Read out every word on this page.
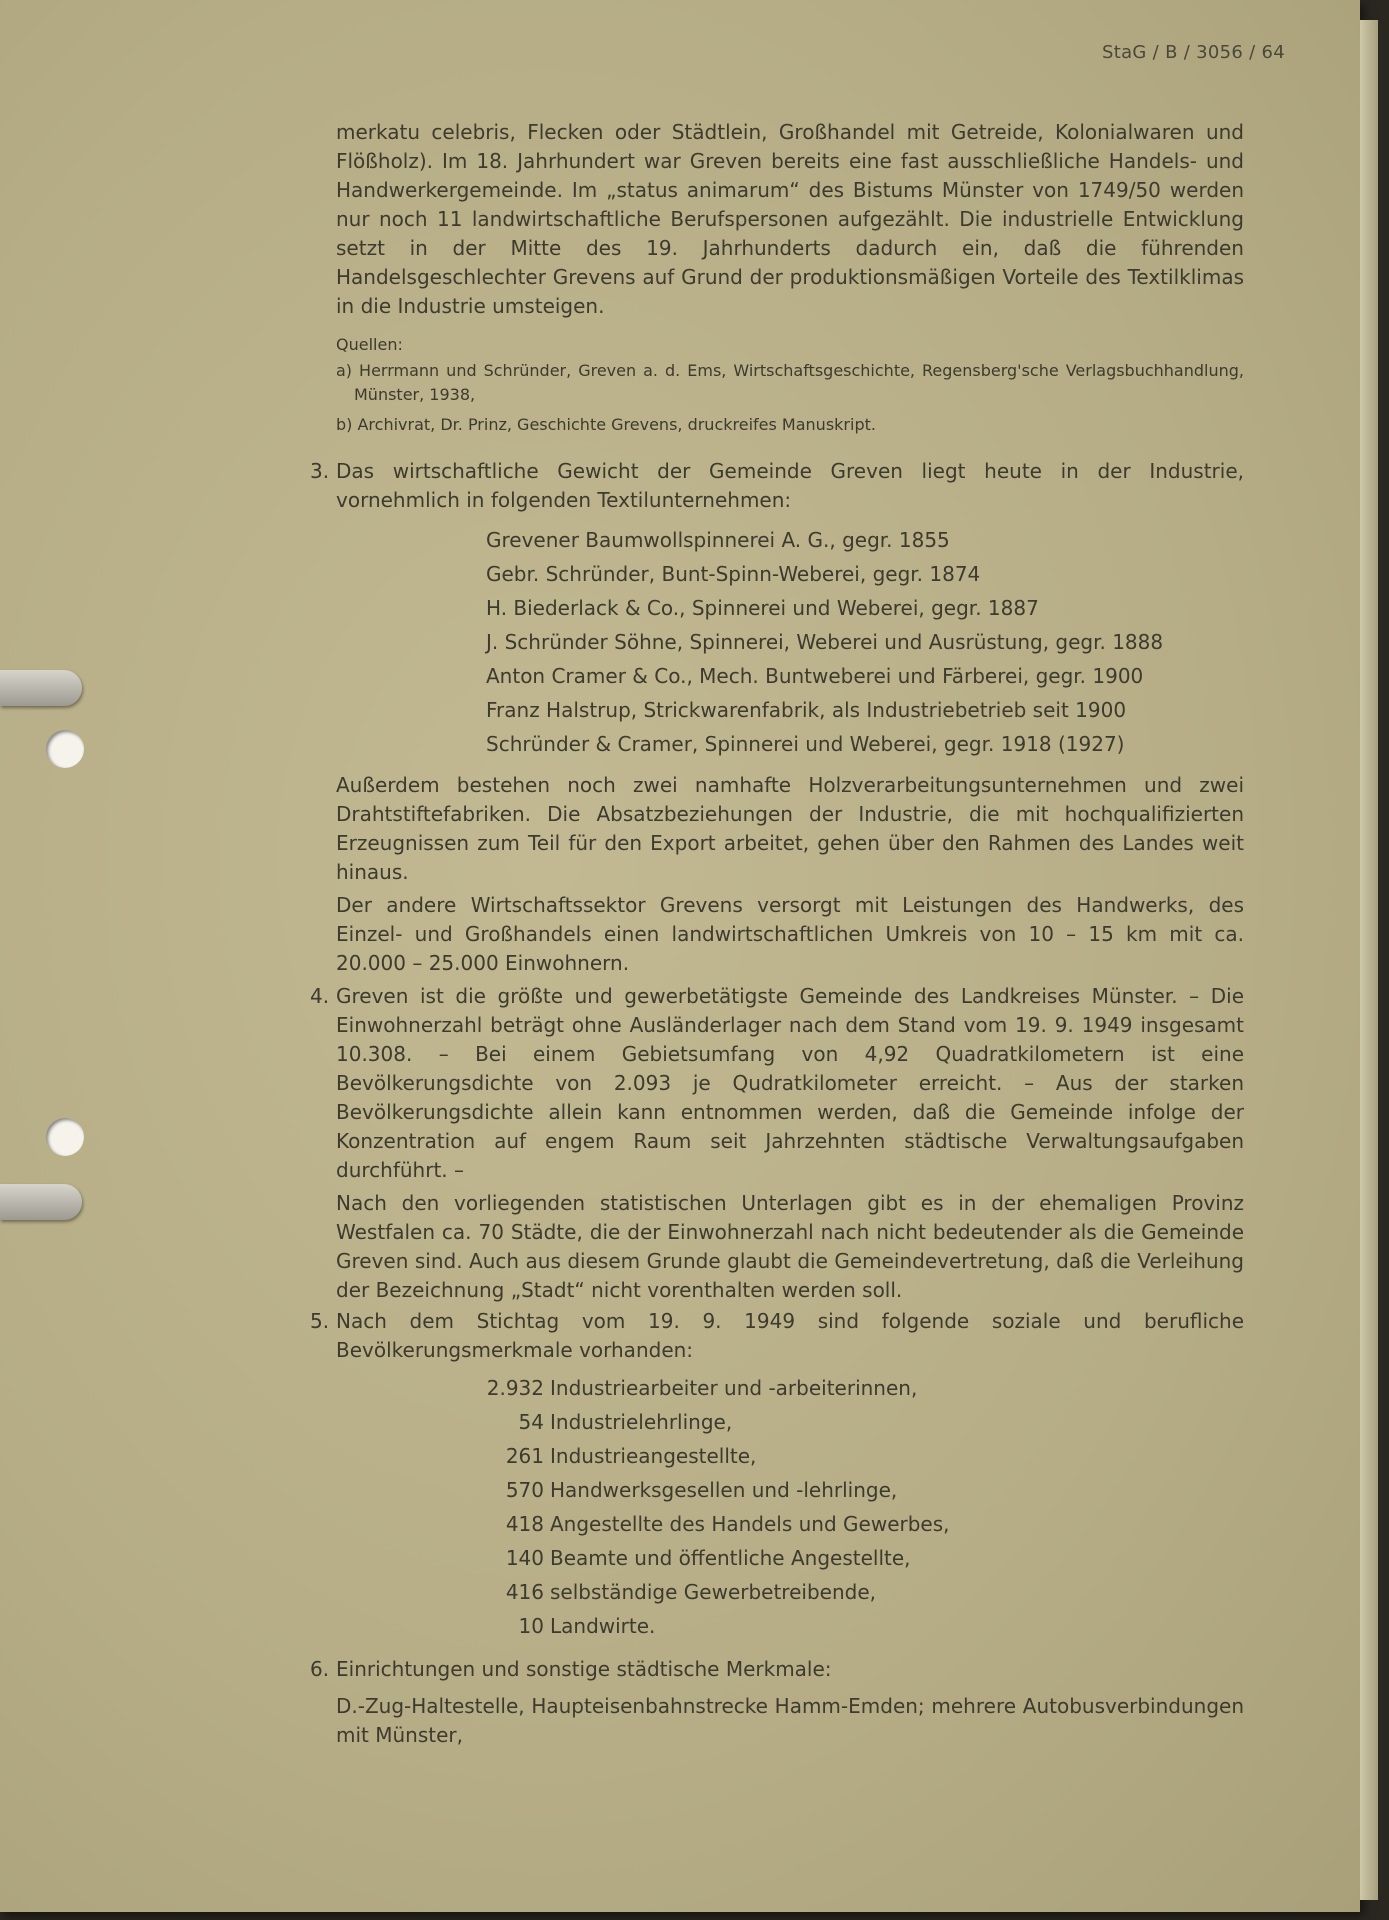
StaG / B / 3056 / 64

merkatu celebris, Flecken oder Städtlein, Großhandel mit Getreide, Kolonialwaren und Flößholz). Im 18. Jahrhundert war Greven bereits eine fast ausschließliche Handels- und Handwerkergemeinde. Im „status animarum“ des Bistums Münster von 1749/50 werden nur noch 11 landwirtschaftliche Berufspersonen aufgezählt. Die industrielle Entwicklung setzt in der Mitte des 19. Jahrhunderts dadurch ein, daß die führenden Handelsgeschlechter Grevens auf Grund der produktionsmäßigen Vorteile des Textilklimas in die Industrie umsteigen.

Quellen:
a) Herrmann und Schründer, Greven a. d. Ems, Wirtschaftsgeschichte, Regensberg'sche Verlagsbuchhandlung, Münster, 1938,
b) Archivrat, Dr. Prinz, Geschichte Grevens, druckreifes Manuskript.
3. Das wirtschaftliche Gewicht der Gemeinde Greven liegt heute in der Industrie, vornehmlich in folgenden Textilunternehmen:

Grevener Baumwollspinnerei A. G., gegr. 1855
Gebr. Schründer, Bunt-Spinn-Weberei, gegr. 1874
H. Biederlack & Co., Spinnerei und Weberei, gegr. 1887
J. Schründer Söhne, Spinnerei, Weberei und Ausrüstung, gegr. 1888
Anton Cramer & Co., Mech. Buntweberei und Färberei, gegr. 1900
Franz Halstrup, Strickwarenfabrik, als Industriebetrieb seit 1900
Schründer & Cramer, Spinnerei und Weberei, gegr. 1918 (1927)

Außerdem bestehen noch zwei namhafte Holzverarbeitungsunternehmen und zwei Drahtstiftefabriken. Die Absatzbeziehungen der Industrie, die mit hochqualifizierten Erzeugnissen zum Teil für den Export arbeitet, gehen über den Rahmen des Landes weit hinaus.

Der andere Wirtschaftssektor Grevens versorgt mit Leistungen des Handwerks, des Einzel- und Großhandels einen landwirtschaftlichen Umkreis von 10 – 15 km mit ca. 20.000 – 25.000 Einwohnern.

4. Greven ist die größte und gewerbetätigste Gemeinde des Landkreises Münster. – Die Einwohnerzahl beträgt ohne Ausländerlager nach dem Stand vom 19. 9. 1949 insgesamt 10.308. – Bei einem Gebietsumfang von 4,92 Quadratkilometern ist eine Bevölkerungsdichte von 2.093 je Qudratkilometer erreicht. – Aus der starken Bevölkerungsdichte allein kann entnommen werden, daß die Gemeinde infolge der Konzentration auf engem Raum seit Jahrzehnten städtische Verwaltungsaufgaben durchführt. –

Nach den vorliegenden statistischen Unterlagen gibt es in der ehemaligen Provinz Westfalen ca. 70 Städte, die der Einwohnerzahl nach nicht bedeutender als die Gemeinde Greven sind. Auch aus diesem Grunde glaubt die Gemeindevertretung, daß die Verleihung der Bezeichnung „Stadt“ nicht vorenthalten werden soll.

5. Nach dem Stichtag vom 19. 9. 1949 sind folgende soziale und berufliche Bevölkerungsmerkmale vorhanden:

2.932 Industriearbeiter und -arbeiterinnen,
54 Industrielehrlinge,
261 Industrieangestellte,
570 Handwerksgesellen und -lehrlinge,
418 Angestellte des Handels und Gewerbes,
140 Beamte und öffentliche Angestellte,
416 selbständige Gewerbetreibende,
10 Landwirte.
6. Einrichtungen und sonstige städtische Merkmale:

D.-Zug-Haltestelle, Haupteisenbahnstrecke Hamm-Emden; mehrere Autobusverbindungen mit Münster,
